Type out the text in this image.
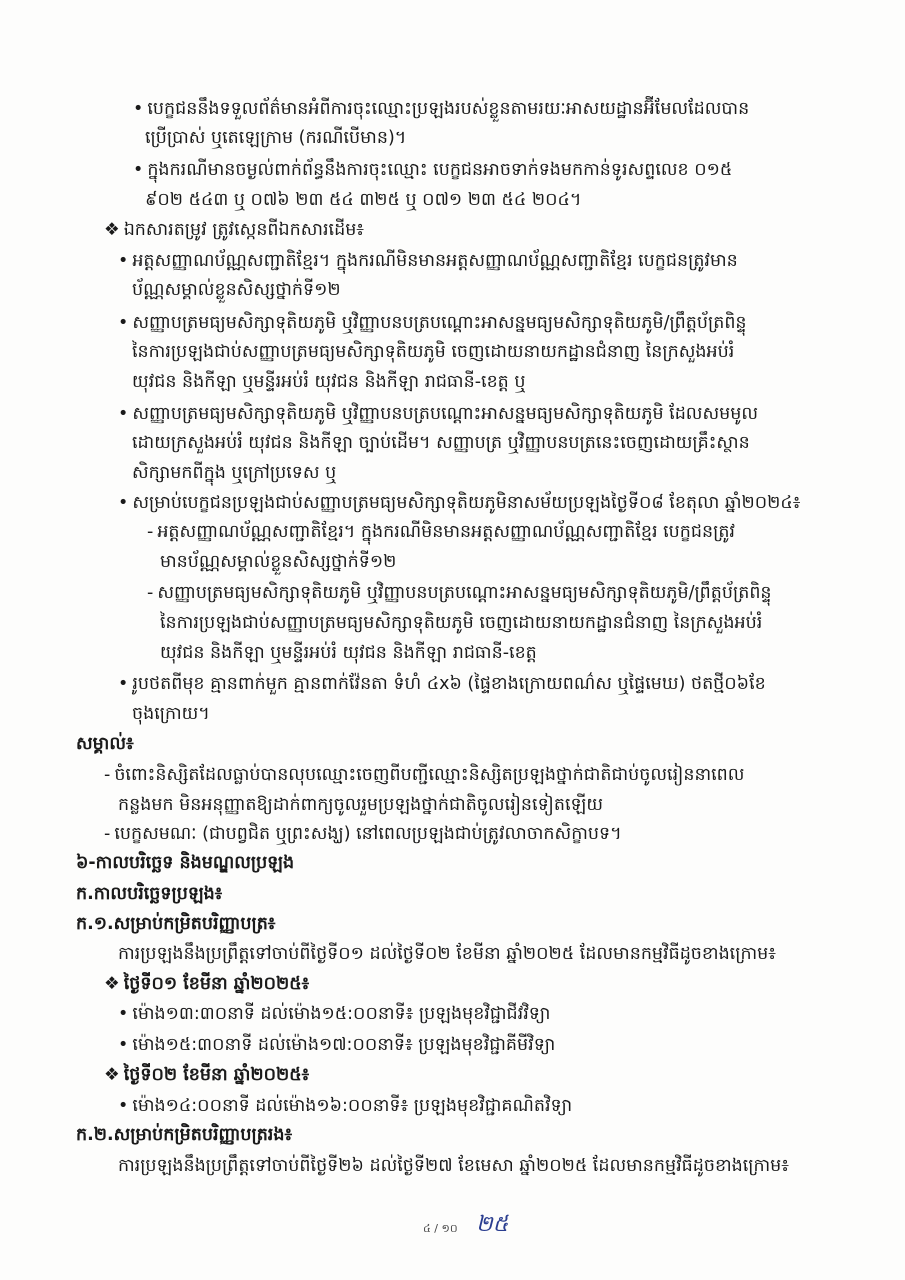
• បេក្ខជននឹងទទួលព័ត៌មានអំពីការចុះឈ្មោះប្រឡងរបស់ខ្លួនតាមរយៈអាសយដ្ឋានអ៊ីមែលដែលបាន
ប្រើប្រាស់ ឬតេឡេក្រាម (ករណីបើមាន)។
• ក្នុងករណីមានចម្ងល់ពាក់ព័ន្ធនឹងការចុះឈ្មោះ បេក្ខជនអាចទាក់ទងមកកាន់ទូរសព្ទលេខ ០១៥
៩០២ ៥៤៣ ឬ ០៧៦ ២៣ ៥៤ ៣២៥ ឬ ០៧១ ២៣ ៥៤ ២០៤។
❖ ឯកសារតម្រូវ ត្រូវស្កេនពីឯកសារដើម៖
• អត្តសញ្ញាណប័ណ្ណសញ្ជាតិខ្មែរ។ ក្នុងករណីមិនមានអត្តសញ្ញាណប័ណ្ណសញ្ជាតិខ្មែរ បេក្ខជនត្រូវមាន
ប័ណ្ណសម្គាល់ខ្លួនសិស្សថ្នាក់ទី១២
• សញ្ញាបត្រមធ្យមសិក្សាទុតិយភូមិ ឬវិញ្ញាបនបត្របណ្តោះអាសន្នមធ្យមសិក្សាទុតិយភូមិ/ព្រឹត្តប័ត្រពិន្ទុ
នៃការប្រឡងជាប់សញ្ញាបត្រមធ្យមសិក្សាទុតិយភូមិ ចេញដោយនាយកដ្ឋានជំនាញ នៃក្រសួងអប់រំ
យុវជន និងកីឡា ឬមន្ទីរអប់រំ យុវជន និងកីឡា រាជធានី-ខេត្ត ឬ
• សញ្ញាបត្រមធ្យមសិក្សាទុតិយភូមិ ឬវិញ្ញាបនបត្របណ្តោះអាសន្នមធ្យមសិក្សាទុតិយភូមិ ដែលសមមូល
ដោយក្រសួងអប់រំ យុវជន និងកីឡា ច្បាប់ដើម។ សញ្ញាបត្រ ឬវិញ្ញាបនបត្រនេះចេញដោយគ្រឹះស្ថាន
សិក្សាមកពីក្នុង ឬក្រៅប្រទេស ឬ
• សម្រាប់បេក្ខជនប្រឡងជាប់សញ្ញាបត្រមធ្យមសិក្សាទុតិយភូមិនាសម័យប្រឡងថ្ងៃទី០៨ ខែតុលា ឆ្នាំ២០២៤៖
- អត្តសញ្ញាណប័ណ្ណសញ្ជាតិខ្មែរ។ ក្នុងករណីមិនមានអត្តសញ្ញាណប័ណ្ណសញ្ជាតិខ្មែរ បេក្ខជនត្រូវ
មានប័ណ្ណសម្គាល់ខ្លួនសិស្សថ្នាក់ទី១២
- សញ្ញាបត្រមធ្យមសិក្សាទុតិយភូមិ ឬវិញ្ញាបនបត្របណ្តោះអាសន្នមធ្យមសិក្សាទុតិយភូមិ/ព្រឹត្តប័ត្រពិន្ទុ
នៃការប្រឡងជាប់សញ្ញាបត្រមធ្យមសិក្សាទុតិយភូមិ ចេញដោយនាយកដ្ឋានជំនាញ នៃក្រសួងអប់រំ
យុវជន និងកីឡា ឬមន្ទីរអប់រំ យុវជន និងកីឡា រាជធានី-ខេត្ត
• រូបថតពីមុខ គ្មានពាក់មួក គ្មានពាក់វ៉ែនតា ទំហំ ៤x៦ (ផ្ទៃខាងក្រោយពណ៌ស ឬផ្ទៃមេឃ) ថតថ្មី០៦ខែ
ចុងក្រោយ។
សម្គាល់៖
- ចំពោះនិស្សិតដែលធ្លាប់បានលុបឈ្មោះចេញពីបញ្ជីឈ្មោះនិស្សិតប្រឡងថ្នាក់ជាតិជាប់ចូលរៀននាពេល
កន្លងមក មិនអនុញ្ញាតឱ្យដាក់ពាក្យចូលរួមប្រឡងថ្នាក់ជាតិចូលរៀនទៀតឡើយ
- បេក្ខសមណៈ (ជាបព្វជិត ឬព្រះសង្ឃ) នៅពេលប្រឡងជាប់ត្រូវលាចាកសិក្ខាបទ។
៦-កាលបរិច្ឆេទ និងមណ្ឌលប្រឡង
ក.កាលបរិច្ឆេទប្រឡង៖
ក.១.សម្រាប់កម្រិតបរិញ្ញាបត្រ៖
ការប្រឡងនឹងប្រព្រឹត្តទៅចាប់ពីថ្ងៃទី០១ ដល់ថ្ងៃទី០២ ខែមីនា ឆ្នាំ២០២៥ ដែលមានកម្មវិធីដូចខាងក្រោម៖
❖ ថ្ងៃទី០១ ខែមីនា ឆ្នាំ២០២៥៖
• ម៉ោង១៣:៣០នាទី ដល់ម៉ោង១៥:០០នាទី៖ ប្រឡងមុខវិជ្ជាជីវវិទ្យា
• ម៉ោង១៥:៣០នាទី ដល់ម៉ោង១៧:០០នាទី៖ ប្រឡងមុខវិជ្ជាគីមីវិទ្យា
❖ ថ្ងៃទី០២ ខែមីនា ឆ្នាំ២០២៥៖
• ម៉ោង១៤:០០នាទី ដល់ម៉ោង១៦:០០នាទី៖ ប្រឡងមុខវិជ្ជាគណិតវិទ្យា
ក.២.សម្រាប់កម្រិតបរិញ្ញាបត្ររង៖
ការប្រឡងនឹងប្រព្រឹត្តទៅចាប់ពីថ្ងៃទី២៦ ដល់ថ្ងៃទី២៧ ខែមេសា ឆ្នាំ២០២៥ ដែលមានកម្មវិធីដូចខាងក្រោម៖
៤ / ១០ ២៥
